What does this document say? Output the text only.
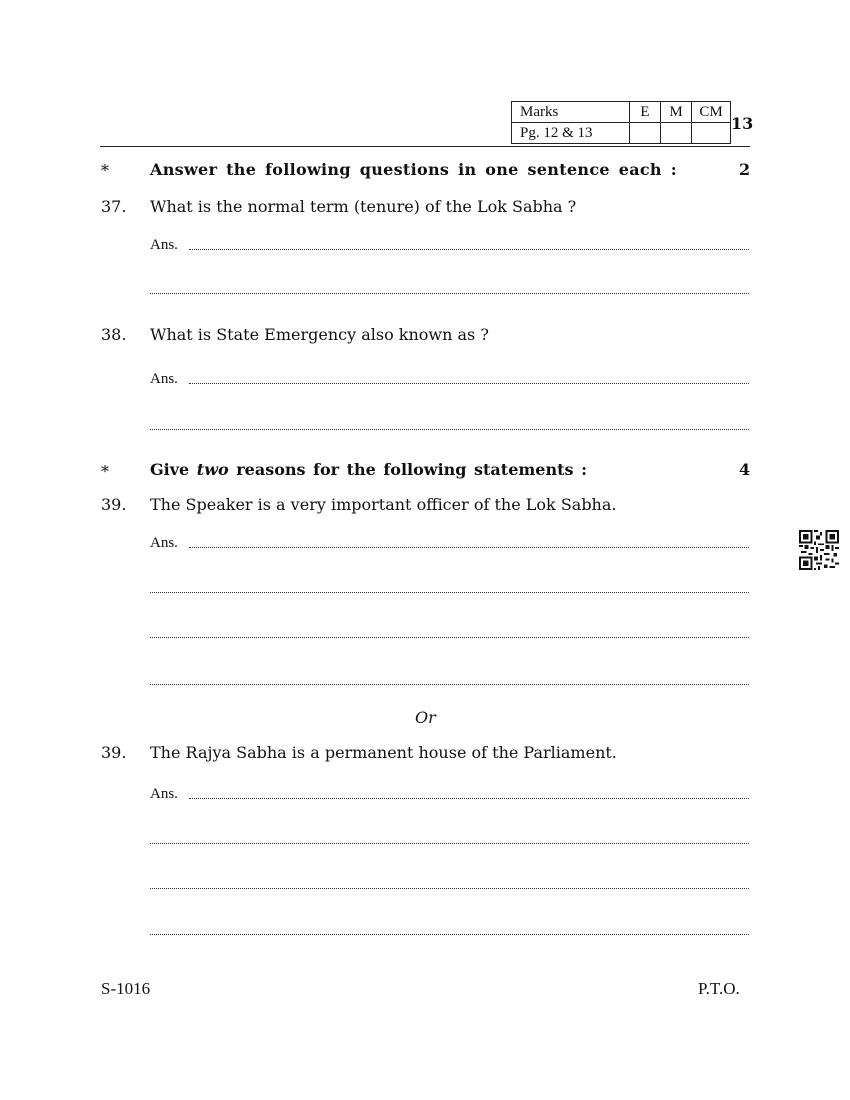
Marks	E	M	CM
Pg. 12 & 13				13
*	Answer the following questions in one sentence each :	2
37. What is the normal term (tenure) of the Lok Sabha ?
Ans.
38. What is State Emergency also known as ?
Ans.
*	Give two reasons for the following statements :	4
39. The Speaker is a very important officer of the Lok Sabha.
Ans.
Or
39. The Rajya Sabha is a permanent house of the Parliament.
Ans.
S-1016	P.T.O.
